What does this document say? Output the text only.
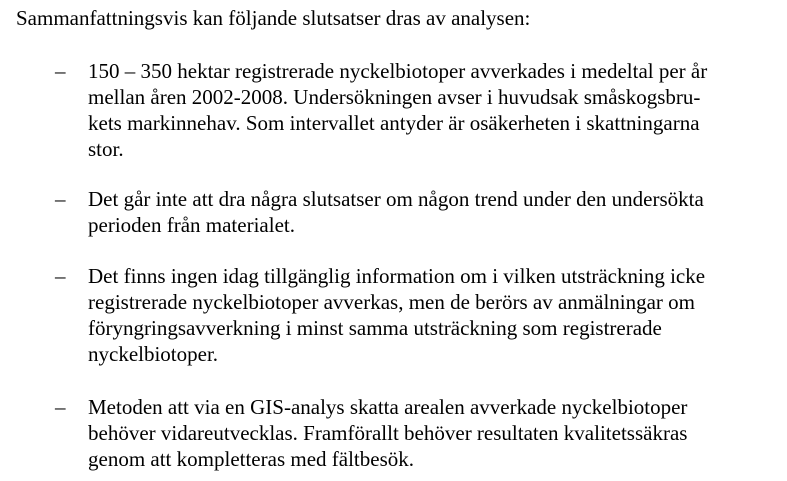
Sammanfattningsvis kan följande slutsatser dras av analysen:

– 150 – 350 hektar registrerade nyckelbiotoper avverkades i medeltal per år
mellan åren 2002-2008. Undersökningen avser i huvudsak småskogsbru-
kets markinnehav. Som intervallet antyder är osäkerheten i skattningarna
stor.
– Det går inte att dra några slutsatser om någon trend under den undersökta
perioden från materialet.
– Det finns ingen idag tillgänglig information om i vilken utsträckning icke
registrerade nyckelbiotoper avverkas, men de berörs av anmälningar om
föryngringsavverkning i minst samma utsträckning som registrerade
nyckelbiotoper.
– Metoden att via en GIS-analys skatta arealen avverkade nyckelbiotoper
behöver vidareutvecklas. Framförallt behöver resultaten kvalitetssäkras
genom att kompletteras med fältbesök.
